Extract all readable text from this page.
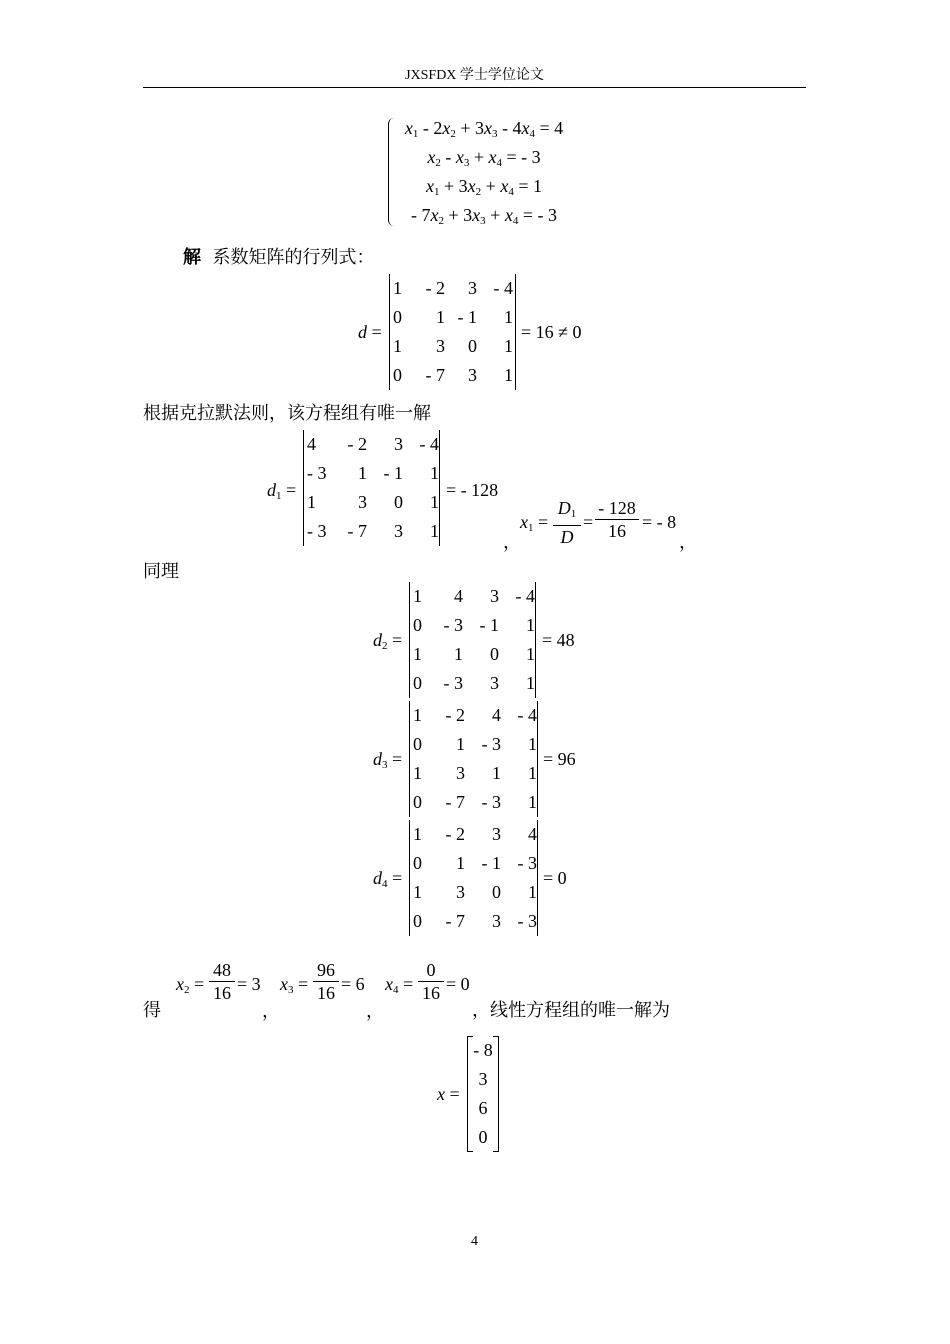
JXSFDX 学士学位论文
$x_1 - 2x_2 + 3x_3 - 4x_4 = 4$
$x_2 - x_3 + x_4$ = - 3
$x_1 + 3x_2 + x_4 = 1$
- $7x_2 + 3x_3 + x_4$ = - 3
解 系数矩阵的行列式：
d =
1	- 2	3	- 4
0	1	- 1	1
1	3	0	1
0	- 7	3	1
= 16 ≠ 0
根据克拉默法则，该方程组有唯一解
$d_1$ =
4	- 2	3	- 4
- 3	1	- 1	1
1	3	0	1
- 3	- 7	3	1
= - 128
，
$x_1 = \frac{D_1}{D} = \frac{- 128}{16}$ = - 8
，
同理
$d_2$ =
1	4	3	- 4
0	- 3	- 1	1
1	1	0	1
0	- 3	3	1
= 48
$d_3$ =
1	- 2	4	- 4
0	1	- 3	1
1	3	1	1
0	- 7	- 3	1
= 96
$d_4$ =
1	- 2	3	4
0	1	- 1	- 3
1	3	0	1
0	- 7	3	- 3
= 0
$x_2 = \frac{48}{16} = 3$ $x_3 = \frac{96}{16} = 6$ $x_4 = \frac{0}{16} = 0$
得	，	，	，线性方程组的唯一解为
x =
- 8
3
6
0
4
